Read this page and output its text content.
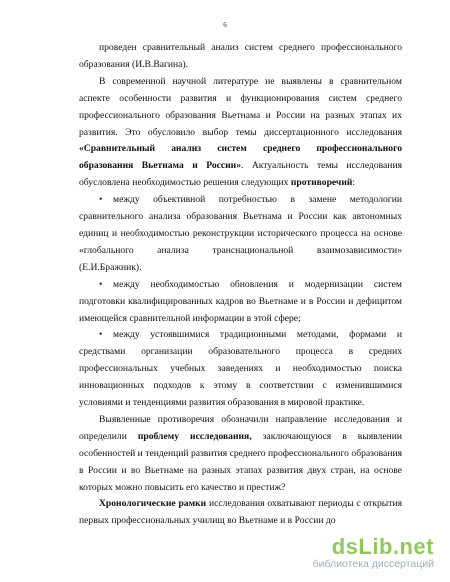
6

проведен сравнительный анализ систем среднего профессионального образования (И.В.Вагина).

В современной научной литературе не выявлены в сравнительном аспекте особенности развития и функционирования систем среднего профессионального образования Вьетнама и России на разных этапах их развития. Это обусловило выбор темы диссертационного исследования «Сравнительный анализ систем среднего профессионального образования Вьетнама и России». Актуальность темы исследования обусловлена необходимостью решения следующих противоречий:

• между объективной потребностью в замене методологии сравнительного анализа образования Вьетнама и России как автономных единиц и необходимостью реконструкции исторического процесса на основе «глобального анализа транснациональной взаимозависимости» (Е.И.Бражник).

• между необходимостью обновления и модернизации систем подготовки квалифицированных кадров во Вьетнаме и в России и дефицитом имеющейся сравнительной информации в этой сфере;

• между устоявшимися традиционными методами, формами и средствами организации образовательного процесса в средних профессиональных учебных заведениях и необходимостью поиска инновационных подходов к этому в соответствии с изменившимися условиями и тенденциями развития образования в мировой практике.

Выявленные противоречия обозначили направление исследования и определили проблему исследования, заключающуюся в выявлении особенностей и тенденций развития среднего профессионального образования в России и во Вьетнаме на разных этапах развития двух стран, на основе которых можно повысить его качество и престиж?

Хронологические рамки исследования охватывают периоды с открытия первых профессиональных училищ во Вьетнаме и в России до

dsLib.net
библиотека диссертаций
